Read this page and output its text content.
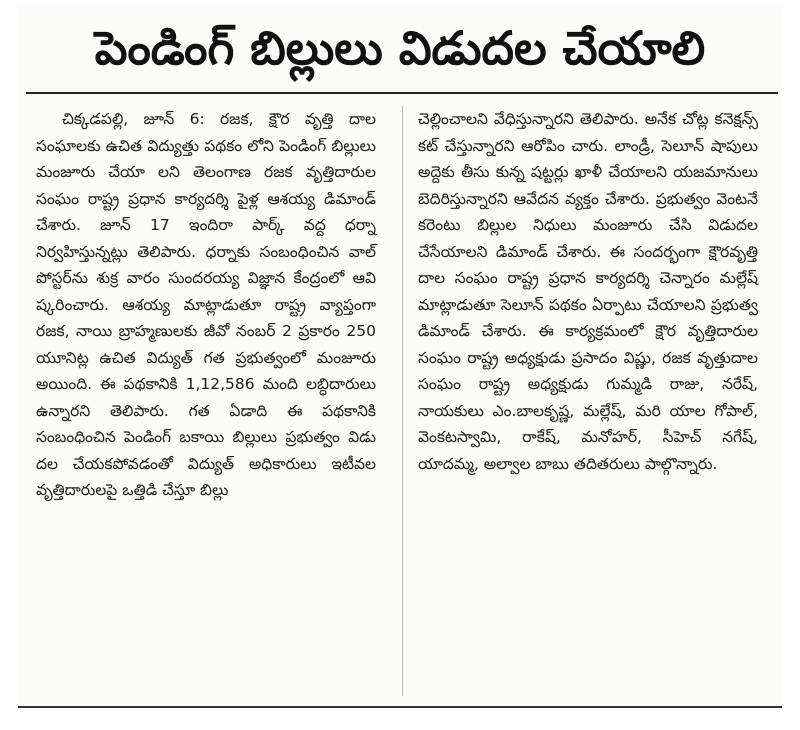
పెండింగ్ బిల్లులు విడుదల చేయాలి

చిక్కడపల్లి, జూన్ 6: రజక, క్షౌర వృత్తి దాల సంఘాలకు ఉచిత విద్యుత్తు పథకం లోని పెండింగ్ బిల్లులు మంజూరు చేయా లని తెలంగాణ రజక వృత్తిదారుల సంఘం రాష్ట్ర ప్రధాన కార్యదర్శి పైళ్ల ఆశయ్య డిమాండ్ చేశారు. జూన్ 17 ఇందిరా పార్క్ వద్ద ధర్నా నిర్వహిస్తున్నట్లు తెలిపారు. ధర్నాకు సంబంధించిన వాల్ పోస్టర్‌ను శుక్ర వారం సుందరయ్య విజ్ఞాన కేంద్రంలో ఆవి ష్కరించారు. ఆశయ్య మాట్లాడుతూ రాష్ట్ర వ్యాప్తంగా రజక, నాయి బ్రాహ్మణులకు జీవో నంబర్ 2 ప్రకారం 250 యూనిట్ల ఉచిత విద్యుత్ గత ప్రభుత్వంలో మంజూరు అయింది. ఈ పథకానికి 1,12,586 మంది లబ్ధిదారులు ఉన్నారని తెలిపారు. గత ఏడాది ఈ పథకానికి సంబంధించిన పెండింగ్ బకాయి బిల్లులు ప్రభుత్వం విడు దల చేయకపోవడంతో విద్యుత్ అధికారులు ఇటీవల వృత్తిదారులపై ఒత్తిడి చేస్తూ బిల్లు

చెల్లించాలని వేధిస్తున్నారని తెలిపారు. అనేక చోట్ల కనెక్షన్స్ కట్ చేస్తున్నారని ఆరోపిం చారు. లాండ్రీ, సెలూన్ షాపులు అద్దెకు తీసు కున్న షట్టర్లు ఖాళీ చేయాలని యజమానులు బెదిరిస్తున్నారని ఆవేదన వ్యక్తం చేశారు. ప్రభుత్వం వెంటనే కరెంటు బిల్లుల నిధులు మంజూరు చేసి విడుదల చేసేయాలని డిమాండ్ చేశారు. ఈ సందర్భంగా క్షౌరవృత్తి దాల సంఘం రాష్ట్ర ప్రధాన కార్యదర్శి చెన్నారం మల్లేష్ మాట్లాడుతూ సెలూన్ పథకం ఏర్పాటు చేయాలని ప్రభుత్వ డిమాండ్ చేశారు. ఈ కార్యక్రమంలో క్షౌర వృత్తిదారుల సంఘం రాష్ట్ర అధ్యక్షుడు ప్రసాదం విష్ణు, రజక వృత్తుదాల సంఘం రాష్ట్ర అధ్యక్షుడు గుమ్మడి రాజు, నరేష్, నాయకులు ఎం.బాలకృష్ణ, మల్లేష్, మరి యాల గోపాల్, వెంకటస్వామి, రాకేష్, మనోహర్, సీహెచ్ నగేష్, యాదమ్మ, అల్వాల బాబు తదితరులు పాల్గొన్నారు.
